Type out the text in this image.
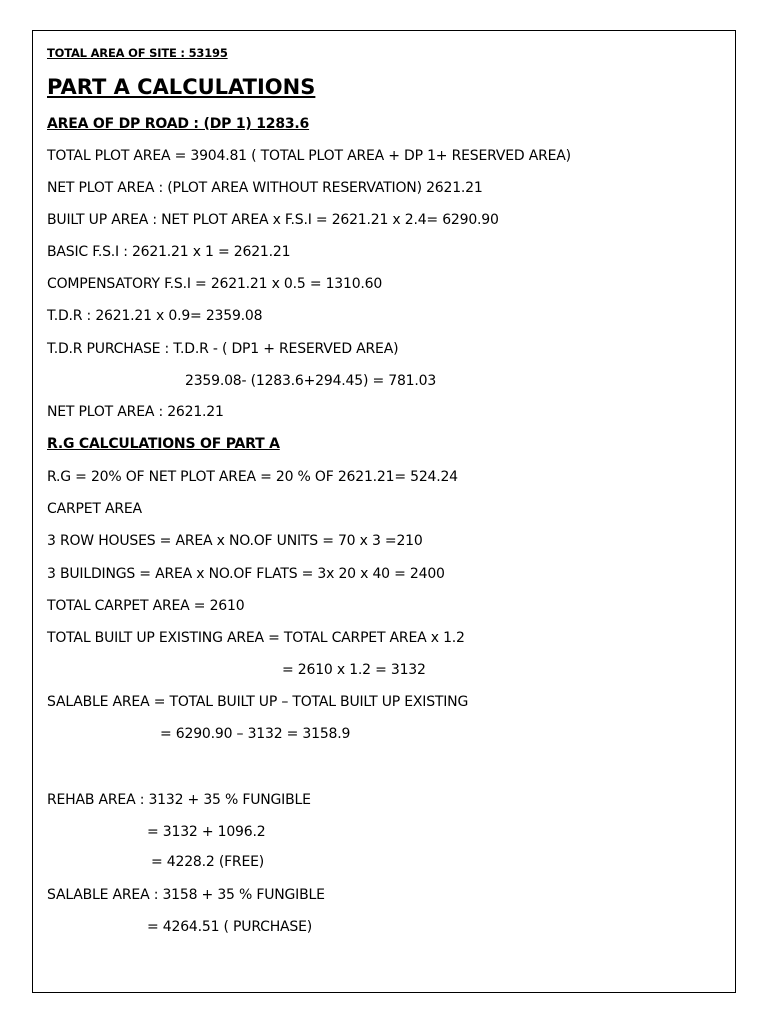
TOTAL AREA OF SITE : 53195
PART A CALCULATIONS
AREA OF DP ROAD : (DP 1) 1283.6
TOTAL PLOT AREA = 3904.81 ( TOTAL PLOT AREA + DP 1+ RESERVED AREA)
NET PLOT AREA : (PLOT AREA WITHOUT RESERVATION) 2621.21
BUILT UP AREA : NET PLOT AREA x F.S.I = 2621.21 x 2.4= 6290.90
BASIC F.S.I : 2621.21 x 1 = 2621.21
COMPENSATORY F.S.I = 2621.21 x 0.5 = 1310.60
T.D.R : 2621.21 x 0.9= 2359.08
T.D.R PURCHASE : T.D.R - ( DP1 + RESERVED AREA)
2359.08- (1283.6+294.45) = 781.03
NET PLOT AREA : 2621.21
R.G CALCULATIONS OF PART A
R.G = 20% OF NET PLOT AREA = 20 % OF 2621.21= 524.24
CARPET AREA
3 ROW HOUSES = AREA x NO.OF UNITS = 70 x 3 =210
3 BUILDINGS = AREA x NO.OF FLATS = 3x 20 x 40 = 2400
TOTAL CARPET AREA = 2610
TOTAL BUILT UP EXISTING AREA = TOTAL CARPET AREA x 1.2
= 2610 x 1.2 = 3132
SALABLE AREA = TOTAL BUILT UP – TOTAL BUILT UP EXISTING
= 6290.90 – 3132 = 3158.9
REHAB AREA : 3132 + 35 % FUNGIBLE
= 3132 + 1096.2
= 4228.2 (FREE)
SALABLE AREA : 3158 + 35 % FUNGIBLE
= 4264.51 ( PURCHASE)
